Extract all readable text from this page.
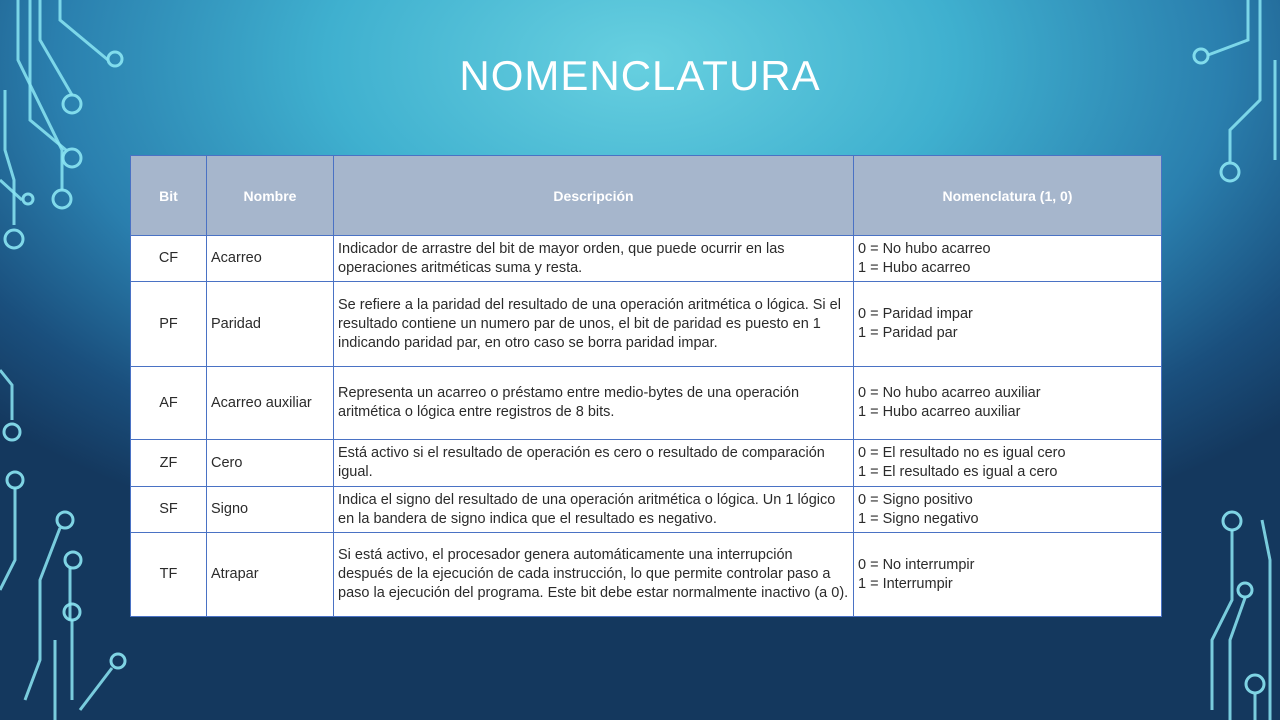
NOMENCLATURA
Bit	Nombre	Descripción	Nomenclatura (1, 0)
CF	Acarreo	Indicador de arrastre del bit de mayor orden, que puede ocurrir en las operaciones aritméticas suma y resta.	0 = No hubo acarreo
1 = Hubo acarreo

PF	Paridad	Se refiere a la paridad del resultado de una operación aritmética o lógica. Si el resultado contiene un numero par de unos, el bit de paridad es puesto en 1 indicando paridad par, en otro caso se borra paridad impar.	0 = Paridad impar
1 = Paridad par

AF	Acarreo auxiliar	Representa un acarreo o préstamo entre medio-bytes de una operación aritmética o lógica entre registros de 8 bits.	0 = No hubo acarreo auxiliar
1 = Hubo acarreo auxiliar

ZF	Cero	Está activo si el resultado de operación es cero o resultado de comparación igual.	0 = El resultado no es igual cero
1 = El resultado es igual a cero

SF	Signo	Indica el signo del resultado de una operación aritmética o lógica. Un 1 lógico en la bandera de signo indica que el resultado es negativo.	0 = Signo positivo
1 = Signo negativo

TF	Atrapar	Si está activo, el procesador genera automáticamente una interrupción después de la ejecución de cada instrucción, lo que permite controlar paso a paso la ejecución del programa. Este bit debe estar normalmente inactivo (a 0).	0 = No interrumpir
1 = Interrumpir
